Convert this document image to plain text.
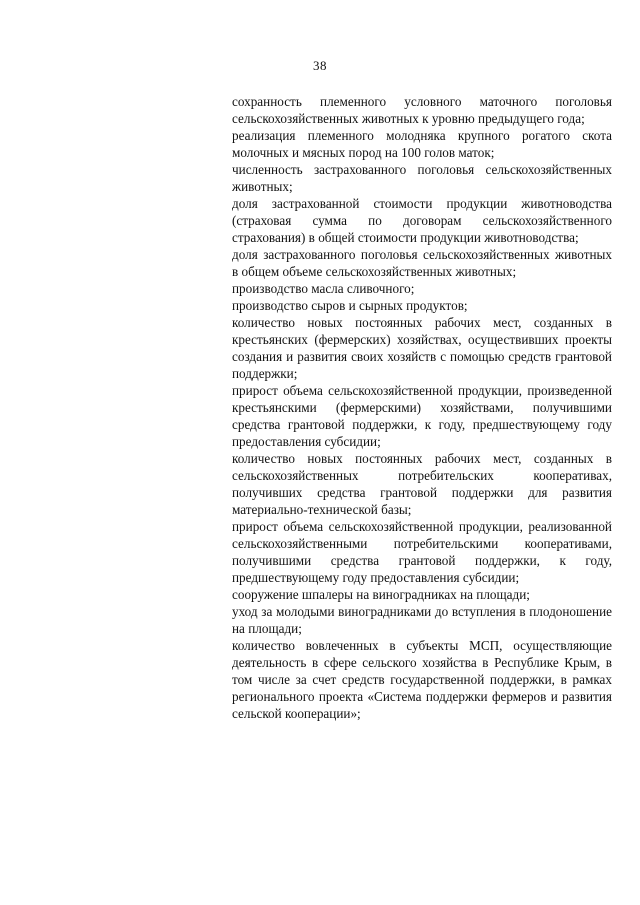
38

сохранность племенного условного маточного поголовья сельскохозяйственных животных к уровню предыдущего года;

реализация племенного молодняка крупного рогатого скота молочных и мясных пород на 100 голов маток;

численность застрахованного поголовья сельскохозяйственных животных;

доля застрахованной стоимости продукции животноводства (страховая сумма по договорам сельскохозяйственного страхования) в общей стоимости продукции животноводства;

доля застрахованного поголовья сельскохозяйственных животных в общем объеме сельскохозяйственных животных;

производство масла сливочного;

производство сыров и сырных продуктов;

количество новых постоянных рабочих мест, созданных в крестьянских (фермерских) хозяйствах, осуществивших проекты создания и развития своих хозяйств с помощью средств грантовой поддержки;

прирост объема сельскохозяйственной продукции, произведенной крестьянскими (фермерскими) хозяйствами, получившими средства грантовой поддержки, к году, предшествующему году предоставления субсидии;

количество новых постоянных рабочих мест, созданных в сельскохозяйственных потребительских кооперативах, получивших средства грантовой поддержки для развития материально-технической базы;

прирост объема сельскохозяйственной продукции, реализованной сельскохозяйственными потребительскими кооперативами, получившими средства грантовой поддержки, к году, предшествующему году предоставления субсидии;

сооружение шпалеры на виноградниках на площади;

уход за молодыми виноградниками до вступления в плодоношение на площади;

количество вовлеченных в субъекты МСП, осуществляющие деятельность в сфере сельского хозяйства в Республике Крым, в том числе за счет средств государственной поддержки, в рамках регионального проекта «Система поддержки фермеров и развития сельской кооперации»;
